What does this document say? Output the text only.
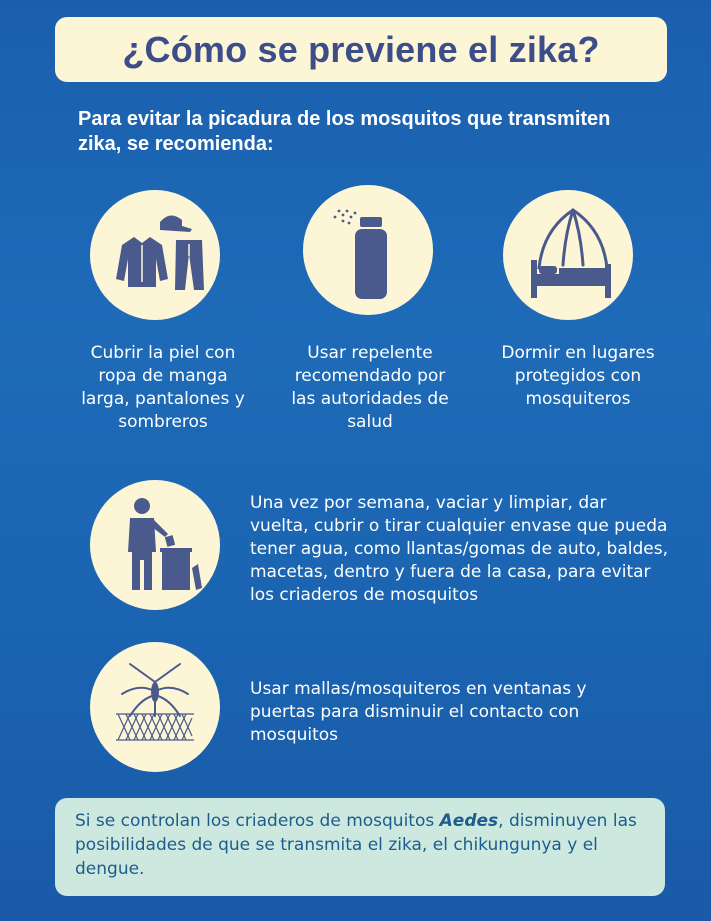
¿Cómo se previene el zika?

Para evitar la picadura de los mosquitos que transmiten zika, se recomienda:

Cubrir la piel con ropa de manga larga, pantalones y sombreros

Usar repelente recomendado por las autoridades de salud

Dormir en lugares protegidos con mosquiteros

Una vez por semana, vaciar y limpiar, dar vuelta, cubrir o tirar cualquier envase que pueda tener agua, como llantas/gomas de auto, baldes, macetas, dentro y fuera de la casa, para evitar los criaderos de mosquitos

Usar mallas/mosquiteros en ventanas y puertas para disminuir el contacto con mosquitos

Si se controlan los criaderos de mosquitos Aedes, disminuyen las posibilidades de que se transmita el zika, el chikungunya y el dengue.
